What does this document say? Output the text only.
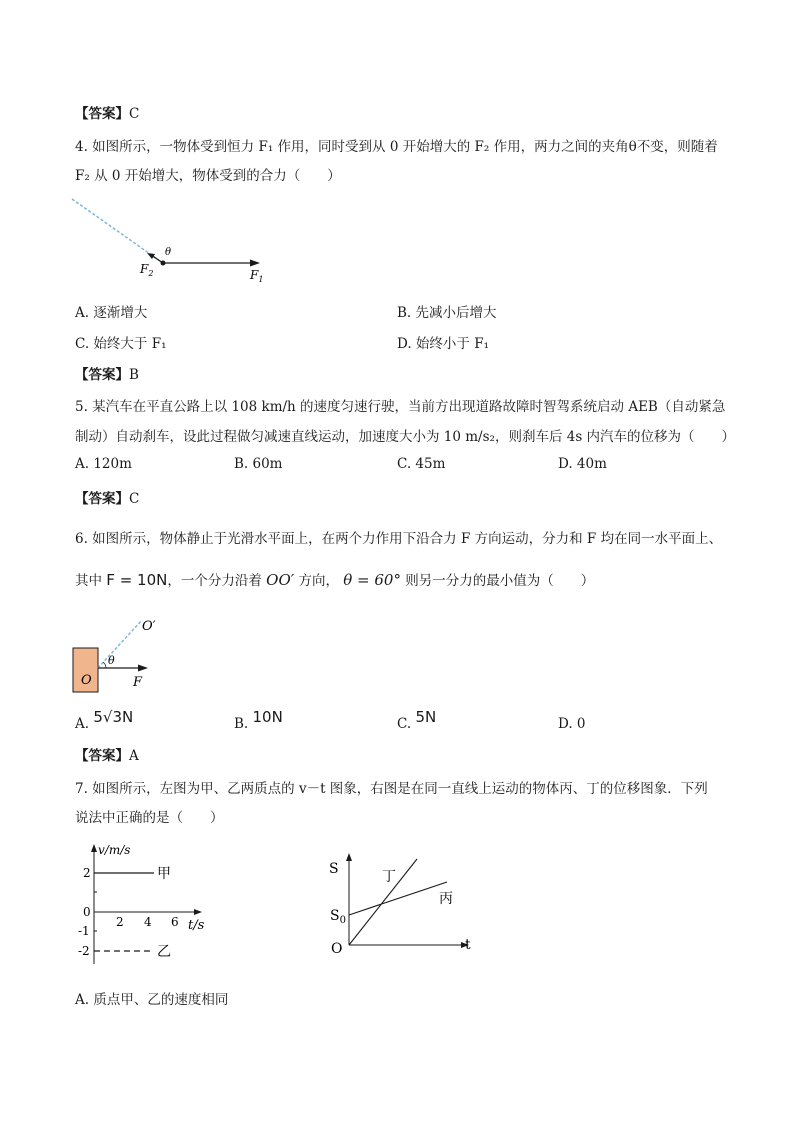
【答案】C
4. 如图所示，一物体受到恒力 F₁ 作用，同时受到从 0 开始增大的 F₂ 作用，两力之间的夹角θ不变，则随着
F₂ 从 0 开始增大，物体受到的合力（　　）
θ
$F_2$	$F_1$
A. 逐渐增大	B. 先减小后增大
C. 始终大于 F₁	D. 始终小于 F₁
【答案】B
5. 某汽车在平直公路上以 108 km/h 的速度匀速行驶，当前方出现道路故障时智驾系统启动 AEB（自动紧急
制动）自动刹车，设此过程做匀减速直线运动，加速度大小为 10 m/s₂，则刹车后 4s 内汽车的位移为（　　）
A. 120m	B. 60m	C. 45m	D. 40m
【答案】C
6. 如图所示，物体静止于光滑水平面上，在两个力作用下沿合力 F 方向运动，分力和 F 均在同一水平面上、
其中 F = 10N，一个分力沿着 OO′ 方向， θ = 60° 则另一分力的最小值为（　　）
θ
O
O′
F
A. 5√3N	B. 10N	C. 5N	D. 0
【答案】A
7. 如图所示，左图为甲、乙两质点的 v－t 图象，右图是在同一直线上运动的物体丙、丁的位移图象．下列
说法中正确的是（　　）
v/m/s
t/s
2
0
-1
-2
2 4 6
甲
乙
S
$S_0$
O	t
丁
丙
A. 质点甲、乙的速度相同
